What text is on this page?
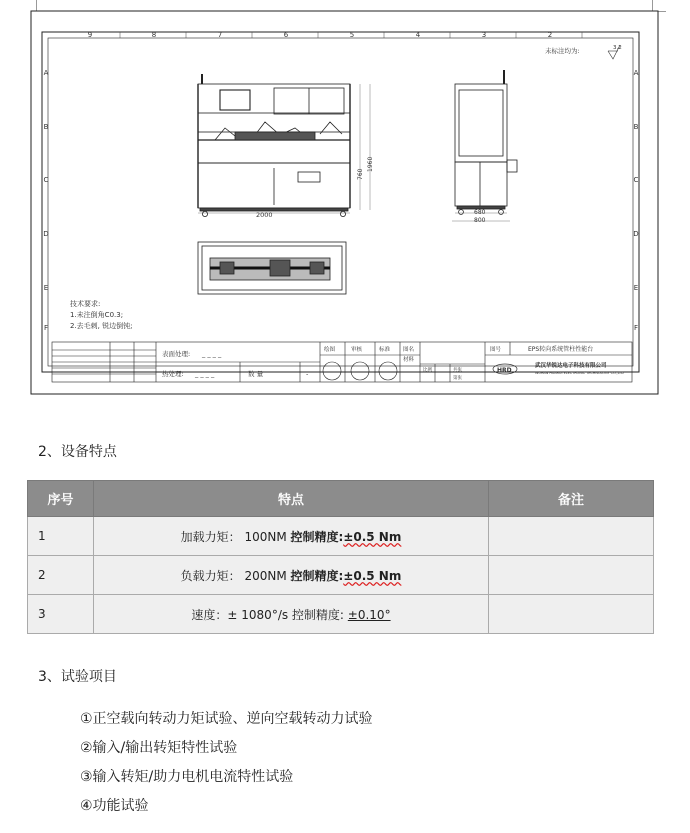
9	8	7	6	5	4	3	2
A
B
C
D
E
F
A
B
C
D
E
F
未标注均为:	3.2
2000
760
1960
680
800
技术要求:
1.未注倒角C0.3;
2.去毛刺, 锐边倒钝;
表面处理: _ _ _ _
热处理: _ _ _ _	数 量	-
绘图	审核	标准 图名
材料
图号	EPS转向系统管柱性能台
比例	共张
第张
武汉华锐达电子科技有限公司
WUHAN HUARUI ELECTRONIC TECHNOLOGY CO.,LTD
HRD
2、设备特点
序号	特点	备注
1	加载力矩： 100NM 控制精度:±0.5 Nm	
2	负载力矩： 200NM 控制精度:±0.5 Nm	
3	速度：± 1080°/s 控制精度: ±0.10°	
3、试验项目
①正空载向转动力矩试验、逆向空载转动力试验
②输入/输出转矩特性试验
③输入转矩/助力电机电流特性试验
④功能试验
